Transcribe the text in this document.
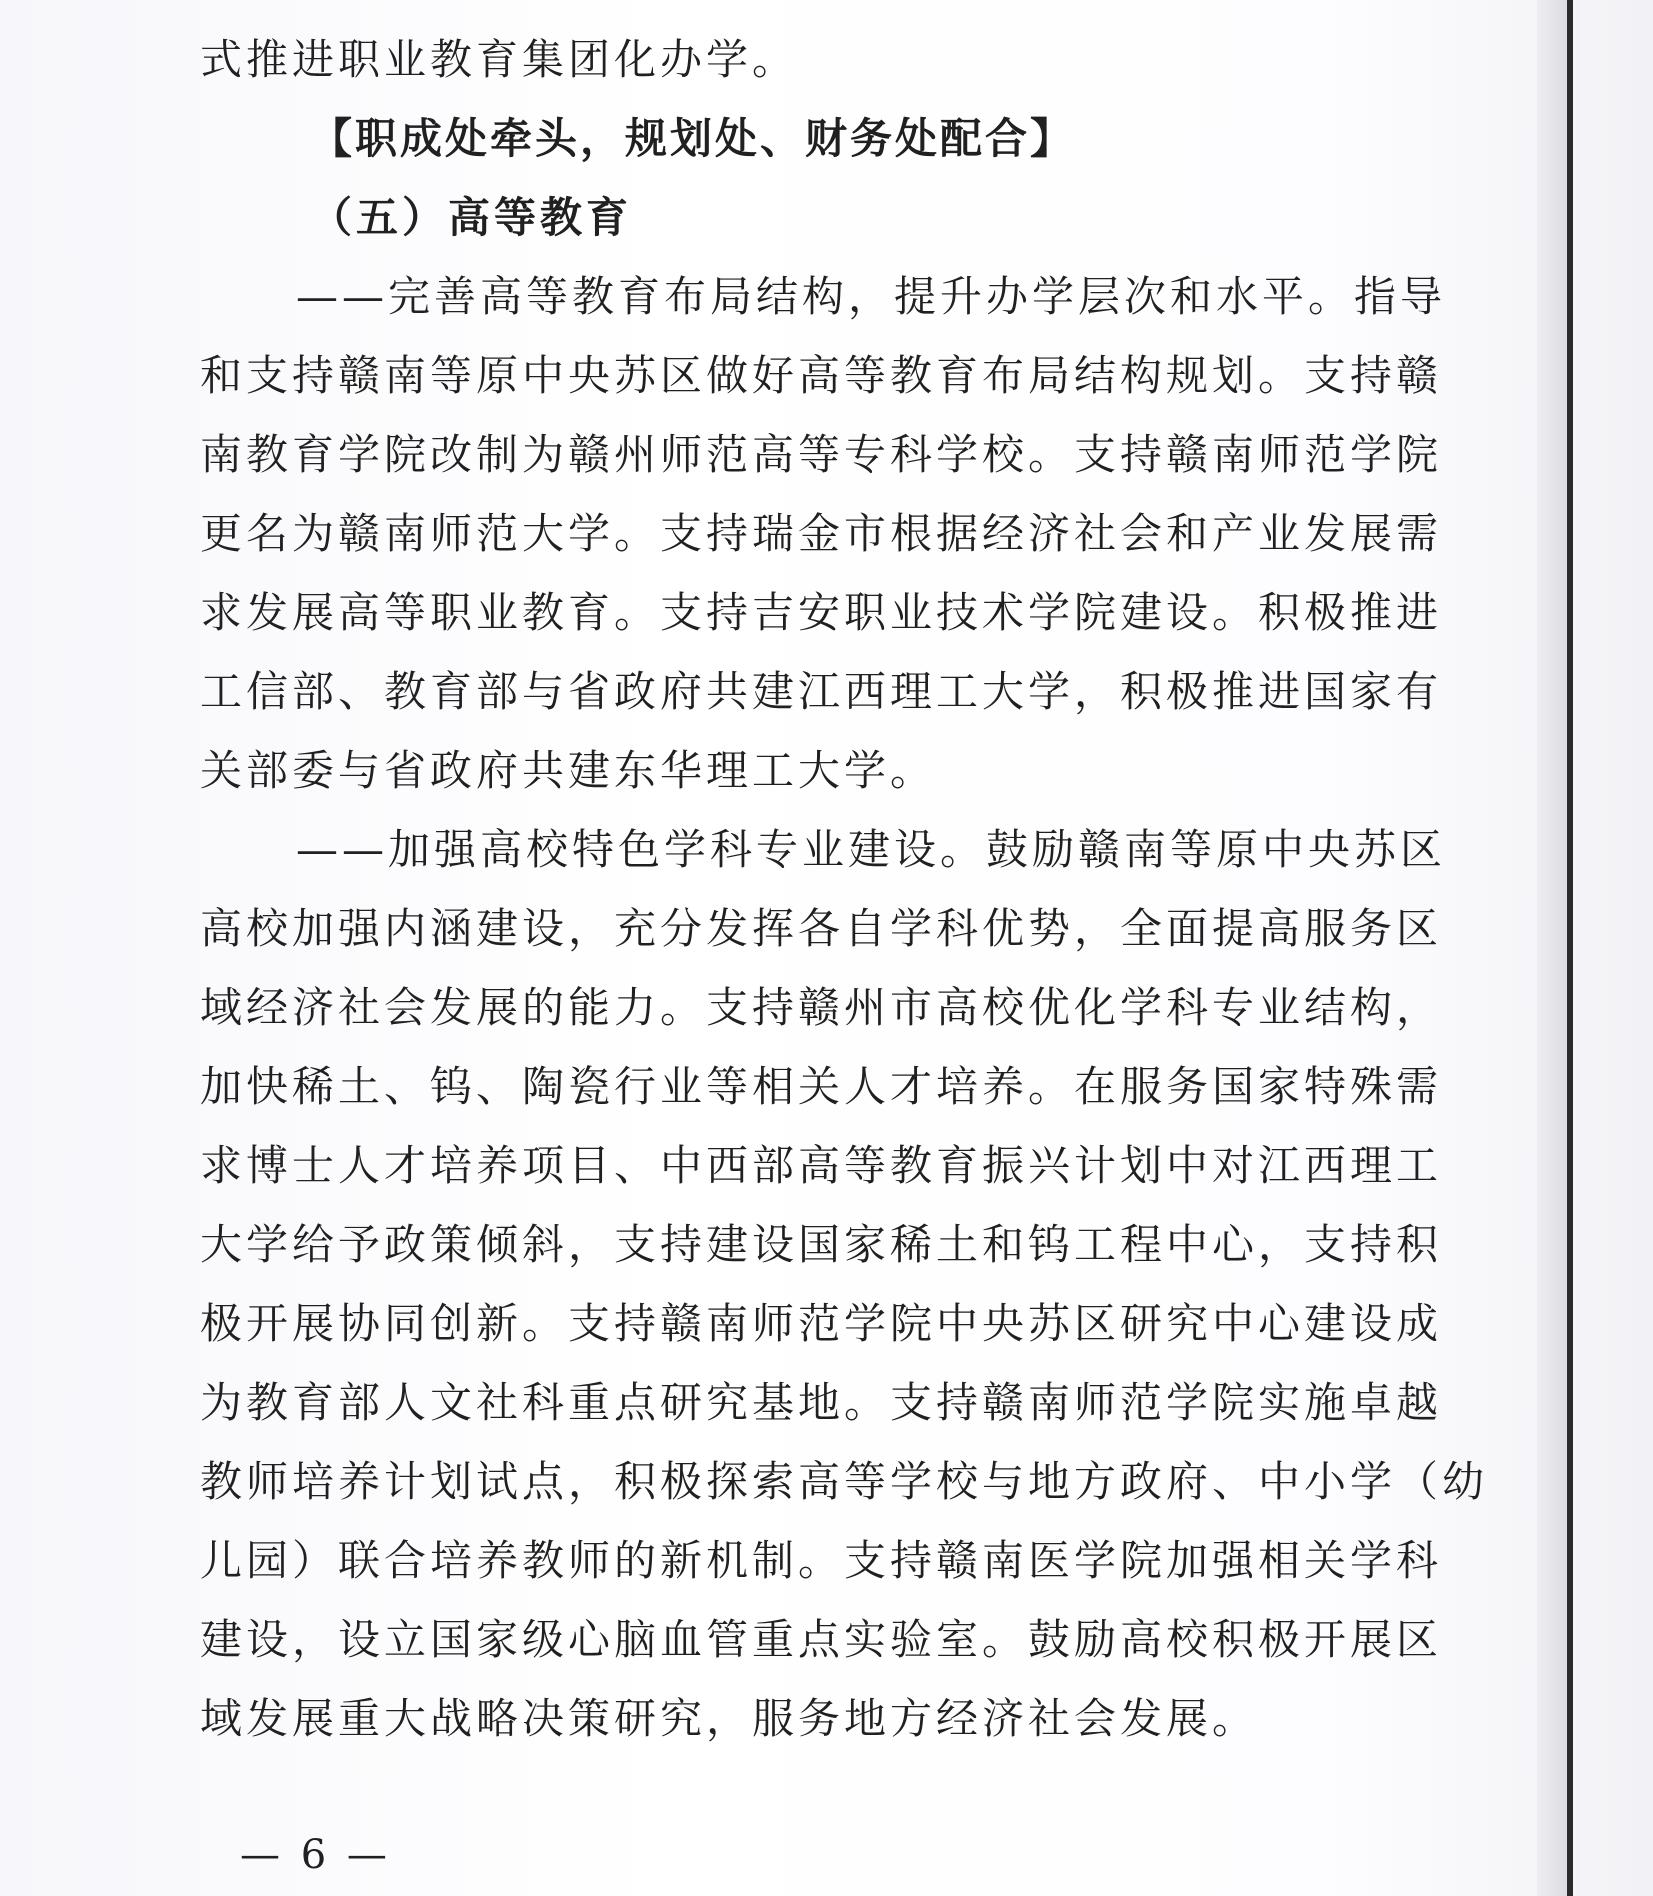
式推进职业教育集团化办学。

【职成处牵头，规划处、财务处配合】

（五）高等教育

——完善高等教育布局结构，提升办学层次和水平。指导

和支持赣南等原中央苏区做好高等教育布局结构规划。支持赣

南教育学院改制为赣州师范高等专科学校。支持赣南师范学院

更名为赣南师范大学。支持瑞金市根据经济社会和产业发展需

求发展高等职业教育。支持吉安职业技术学院建设。积极推进

工信部、教育部与省政府共建江西理工大学，积极推进国家有

关部委与省政府共建东华理工大学。

——加强高校特色学科专业建设。鼓励赣南等原中央苏区

高校加强内涵建设，充分发挥各自学科优势，全面提高服务区

域经济社会发展的能力。支持赣州市高校优化学科专业结构，

加快稀土、钨、陶瓷行业等相关人才培养。在服务国家特殊需

求博士人才培养项目、中西部高等教育振兴计划中对江西理工

大学给予政策倾斜，支持建设国家稀土和钨工程中心，支持积

极开展协同创新。支持赣南师范学院中央苏区研究中心建设成

为教育部人文社科重点研究基地。支持赣南师范学院实施卓越

教师培养计划试点，积极探索高等学校与地方政府、中小学（幼

儿园）联合培养教师的新机制。支持赣南医学院加强相关学科

建设，设立国家级心脑血管重点实验室。鼓励高校积极开展区

域发展重大战略决策研究，服务地方经济社会发展。

— 6 —
